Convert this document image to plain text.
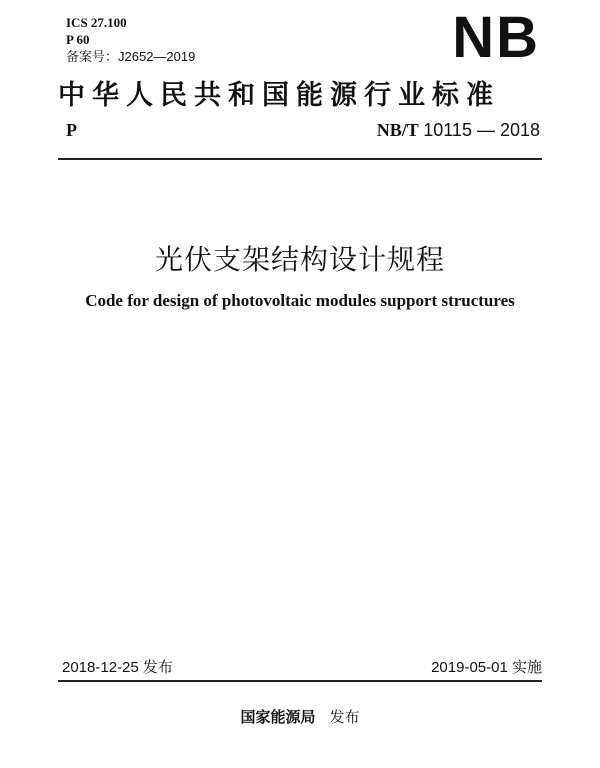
ICS 27.100
P 60
备案号：J2652—2019	NB
中华人民共和国能源行业标准
P	NB/T 10115 — 2018
光伏支架结构设计规程
Code for design of photovoltaic modules support structures
2018-12-25 发布	2019-05-01 实施
国家能源局 发布
